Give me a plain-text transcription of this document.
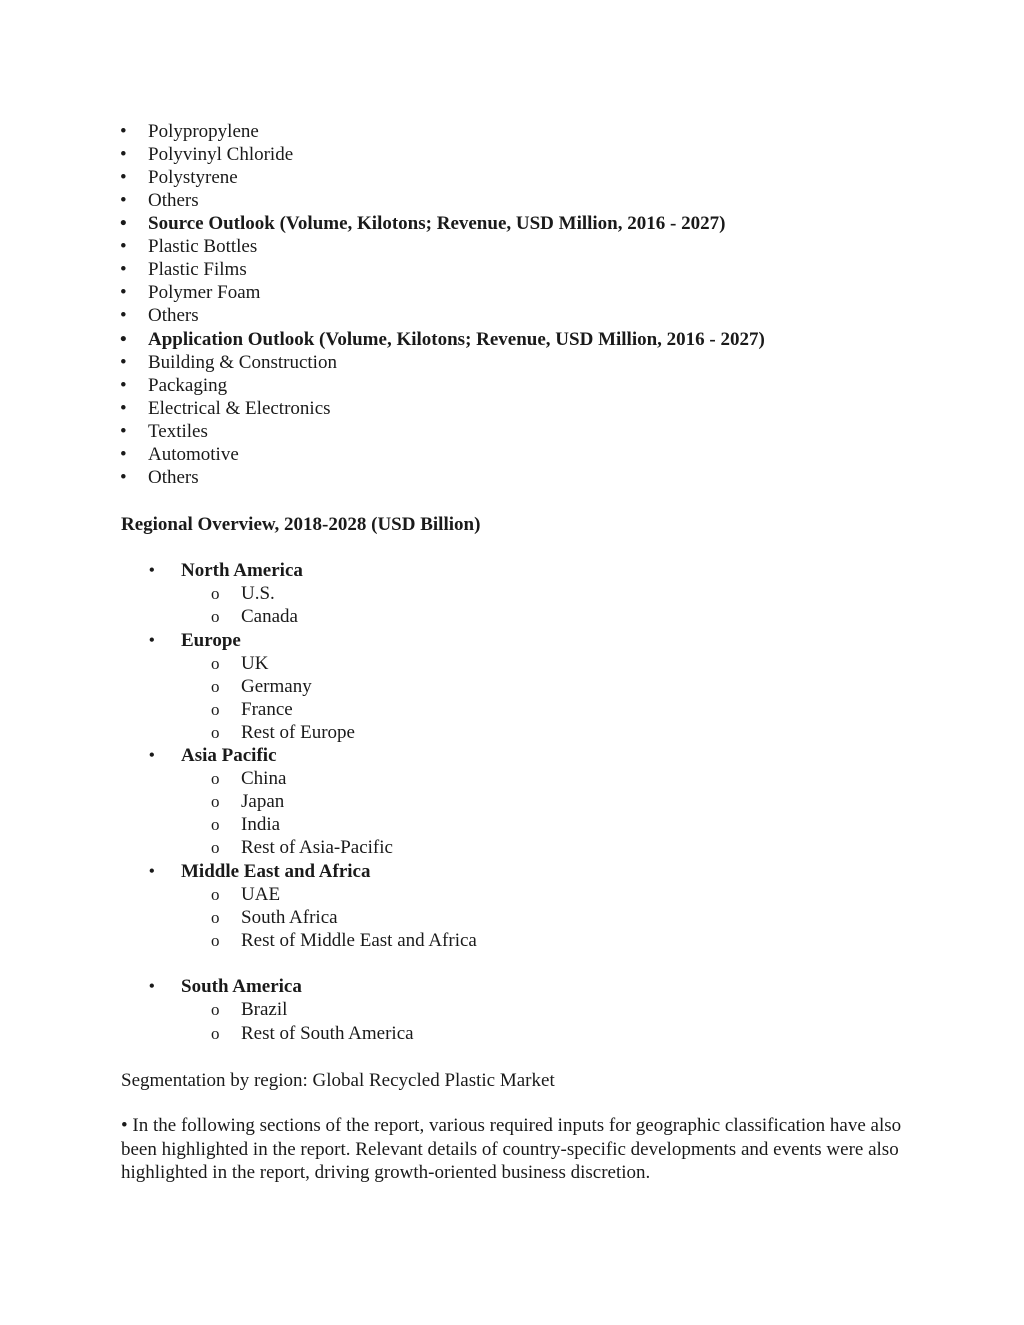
• Polypropylene
• Polyvinyl Chloride
• Polystyrene
• Others
• Source Outlook (Volume, Kilotons; Revenue, USD Million, 2016 - 2027)
• Plastic Bottles
• Plastic Films
• Polymer Foam
• Others
• Application Outlook (Volume, Kilotons; Revenue, USD Million, 2016 - 2027)
• Building & Construction
• Packaging
• Electrical & Electronics
• Textiles
• Automotive
• Others
Regional Overview, 2018-2028 (USD Billion)
• North America
o U.S.
o Canada
• Europe
o UK
o Germany
o France
o Rest of Europe
• Asia Pacific
o China
o Japan
o India
o Rest of Asia-Pacific
• Middle East and Africa
o UAE
o South Africa
o Rest of Middle East and Africa
• South America
o Brazil
o Rest of South America
Segmentation by region: Global Recycled Plastic Market
• In the following sections of the report, various required inputs for geographic classification have also been highlighted in the report. Relevant details of country-specific developments and events were also highlighted in the report, driving growth-oriented business discretion.
